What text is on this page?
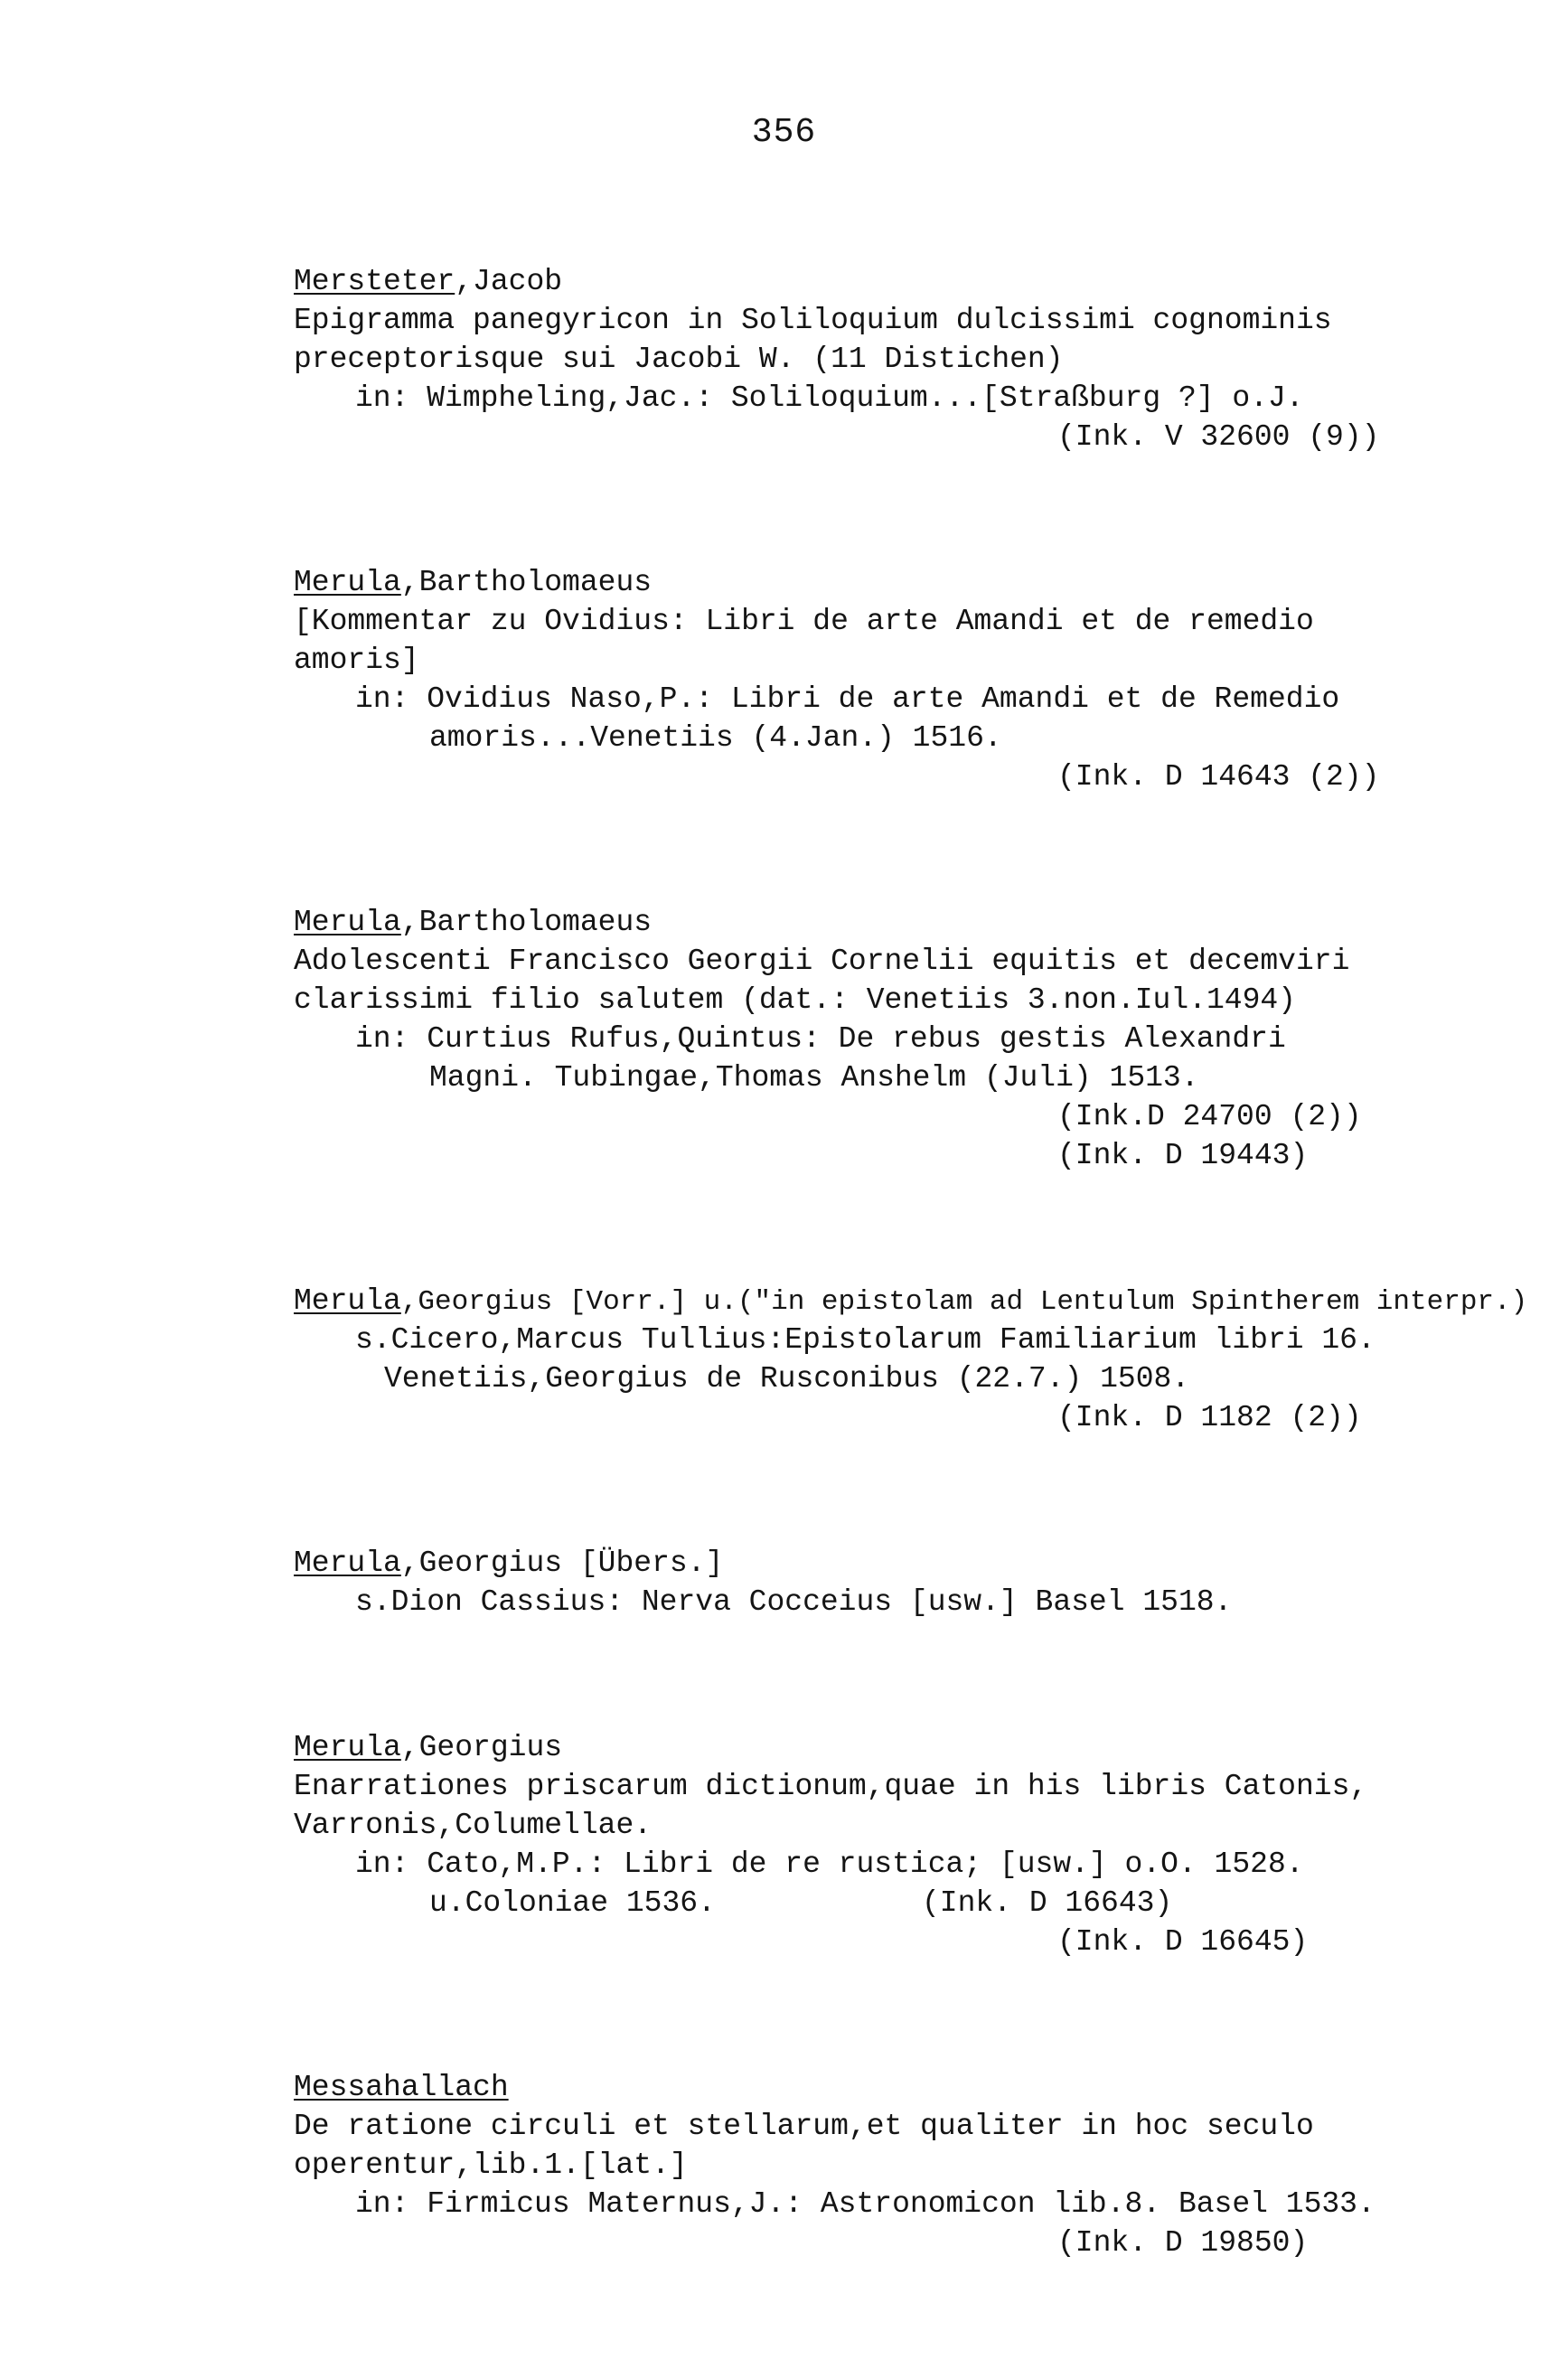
356
Mersteter,Jacob
Epigramma panegyricon in Soliloquium dulcissimi cognominis
preceptorisque sui Jacobi W. (11 Distichen)
in: Wimpheling,Jac.: Soliloquium...[Straßburg ?] o.J.
(Ink. V 32600 (9))
Merula,Bartholomaeus
[Kommentar zu Ovidius: Libri de arte Amandi et de remedio
amoris]
in: Ovidius Naso,P.: Libri de arte Amandi et de Remedio
amoris...Venetiis (4.Jan.) 1516.
(Ink. D 14643 (2))
Merula,Bartholomaeus
Adolescenti Francisco Georgii Cornelii equitis et decemviri
clarissimi filio salutem (dat.: Venetiis 3.non.Iul.1494)
in: Curtius Rufus,Quintus: De rebus gestis Alexandri
Magni. Tubingae,Thomas Anshelm (Juli) 1513.
(Ink.D 24700 (2))
(Ink. D 19443)
Merula,Georgius [Vorr.] u.("in epistolam ad Lentulum Spintherem interpr.)
s.Cicero,Marcus Tullius:Epistolarum Familiarium libri 16.
Venetiis,Georgius de Rusconibus (22.7.) 1508.
(Ink. D 1182 (2))
Merula,Georgius [Übers.]
s.Dion Cassius: Nerva Cocceius [usw.] Basel 1518.
Merula,Georgius
Enarrationes priscarum dictionum,quae in his libris Catonis,
Varronis,Columellae.
in: Cato,M.P.: Libri de re rustica; [usw.] o.O. 1528.
u.Coloniae 1536.	(Ink. D 16643)
(Ink. D 16645)
Messahallach
De ratione circuli et stellarum,et qualiter in hoc seculo
operentur,lib.1.[lat.]
in: Firmicus Maternus,J.: Astronomicon lib.8. Basel 1533.
(Ink. D 19850)
